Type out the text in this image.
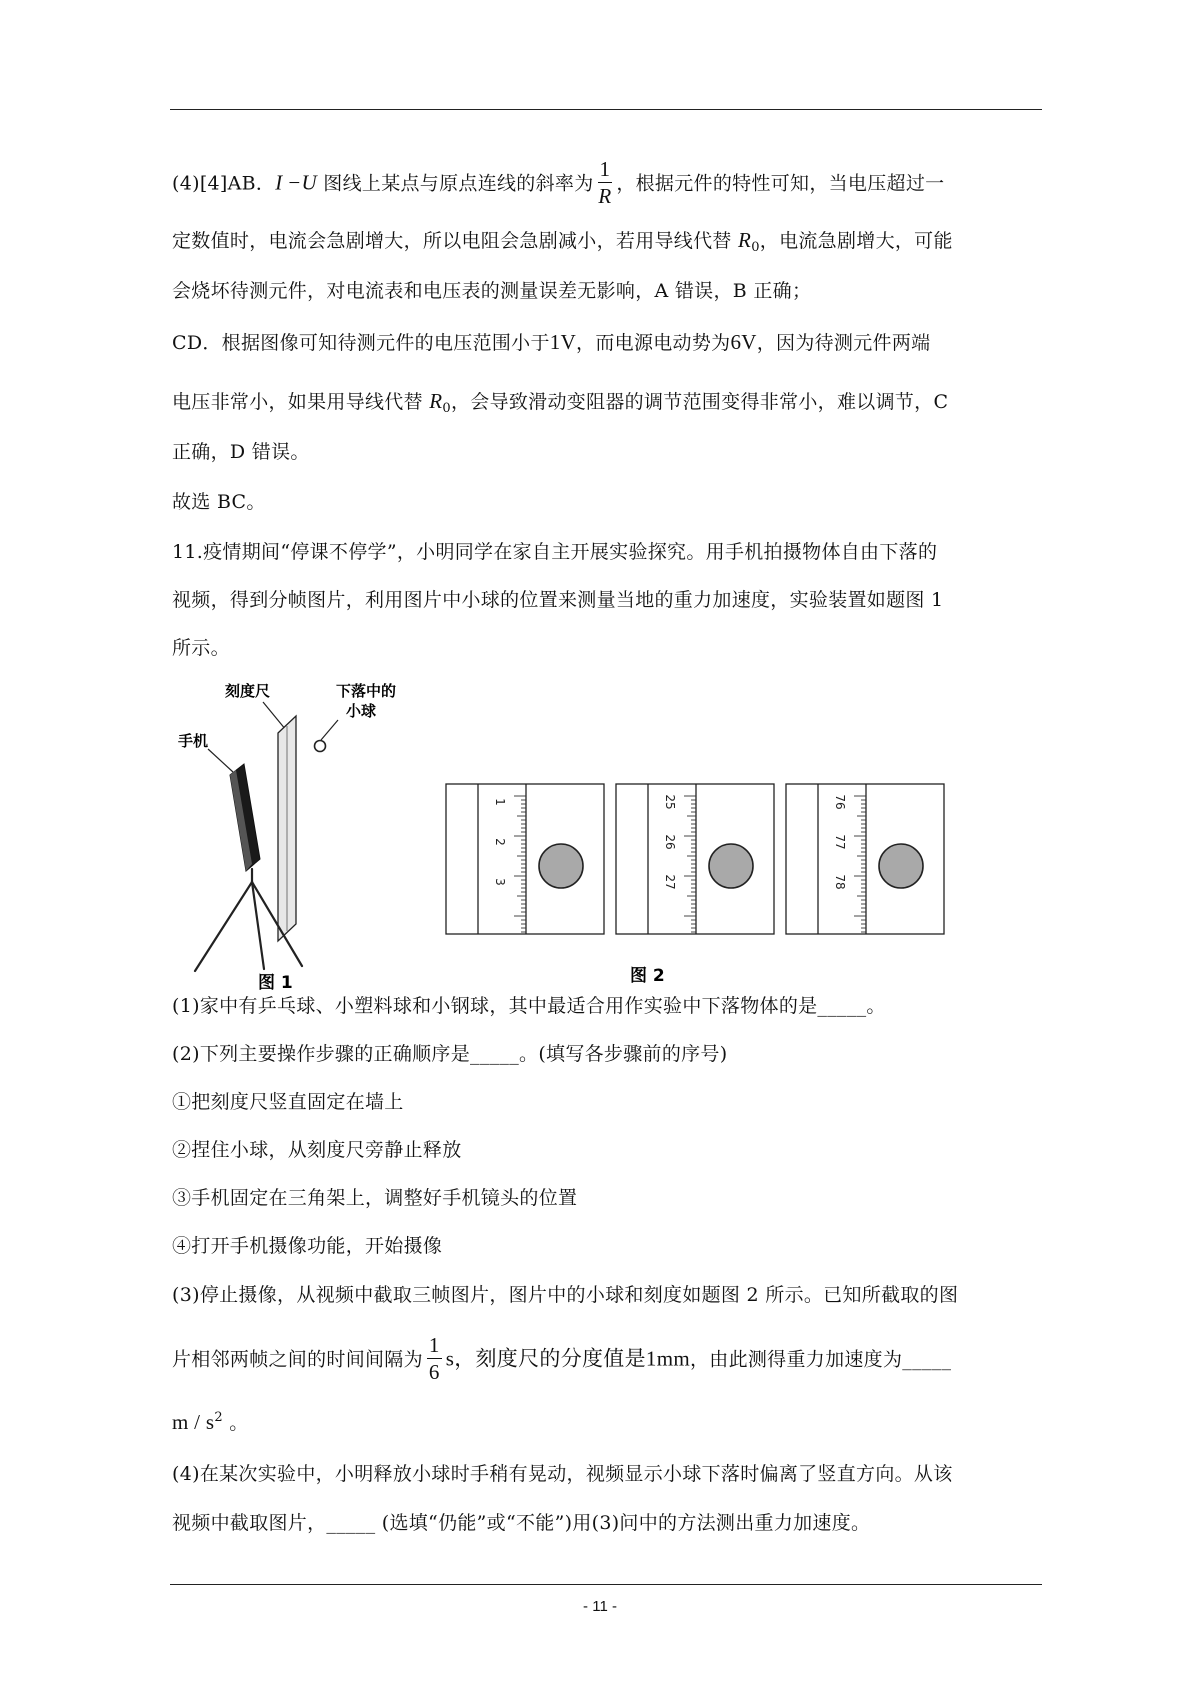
(4)[4]AB．I −U 图线上某点与原点连线的斜率为 $\frac{1}{R}$ ，根据元件的特性可知，当电压超过一
定数值时，电流会急剧增大，所以电阻会急剧减小，若用导线代替 $R_0$，电流急剧增大，可能
会烧坏待测元件，对电流表和电压表的测量误差无影响，A 错误，B 正确；
CD．根据图像可知待测元件的电压范围小于1V，而电源电动势为6V，因为待测元件两端
电压非常小，如果用导线代替 $R_0$，会导致滑动变阻器的调节范围变得非常小，难以调节，C
正确，D 错误。
故选 BC。
11.疫情期间“停课不停学”，小明同学在家自主开展实验探究。用手机拍摄物体自由下落的
视频，得到分帧图片，利用图片中小球的位置来测量当地的重力加速度，实验装置如题图 1
所示。
刻度尺	下落中的
小球
手机
图 1
1
2
3
25
26
27
76
77
78
图 2
(1)家中有乒乓球、小塑料球和小钢球，其中最适合用作实验中下落物体的是_____。
(2)下列主要操作步骤的正确顺序是_____。(填写各步骤前的序号)
①把刻度尺竖直固定在墙上
②捏住小球，从刻度尺旁静止释放
③手机固定在三角架上，调整好手机镜头的位置
④打开手机摄像功能，开始摄像
(3)停止摄像，从视频中截取三帧图片，图片中的小球和刻度如题图 2 所示。已知所截取的图
片相邻两帧之间的时间间隔为 $\frac{1}{6}$ s，刻度尺的分度值是1mm，由此测得重力加速度为_____
m / $s^2$ 。
(4)在某次实验中，小明释放小球时手稍有晃动，视频显示小球下落时偏离了竖直方向。从该
视频中截取图片，_____ (选填“仍能”或“不能”)用(3)问中的方法测出重力加速度。
- 11 -
